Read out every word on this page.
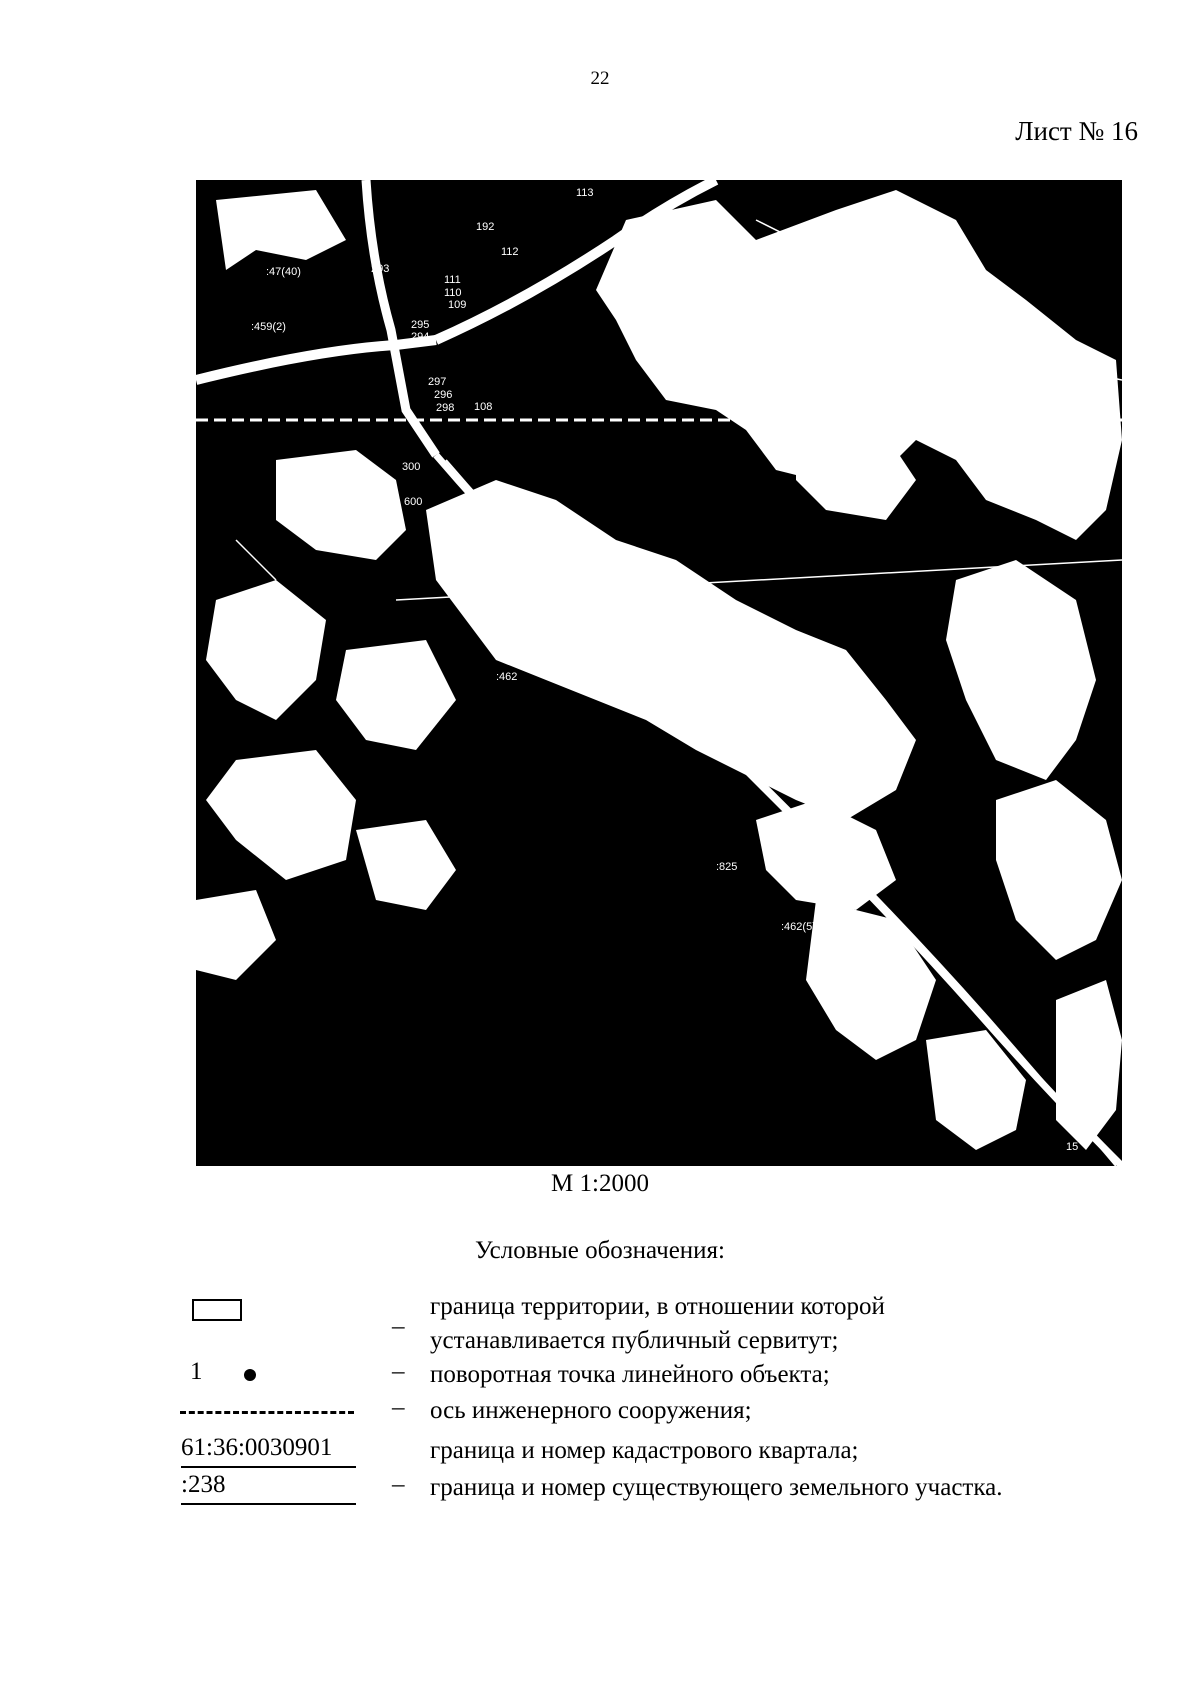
22
Лист № 16
113
192
112
:387(116)
:47(40)	293
111
110
109
:459(2)	295
294
297
296
298 108
61:07:0600001
300
600
:462
:825
:462(5)
15
М 1:2000
Условные обозначения:
_ граница территории, в отношении которой
устанавливается публичный сервитут;
1	– поворотная точка линейного объекта;
– ось инженерного сооружения;
61:36:0030901	граница и номер кадастрового квартала;
:238	– граница и номер существующего земельного участка.
